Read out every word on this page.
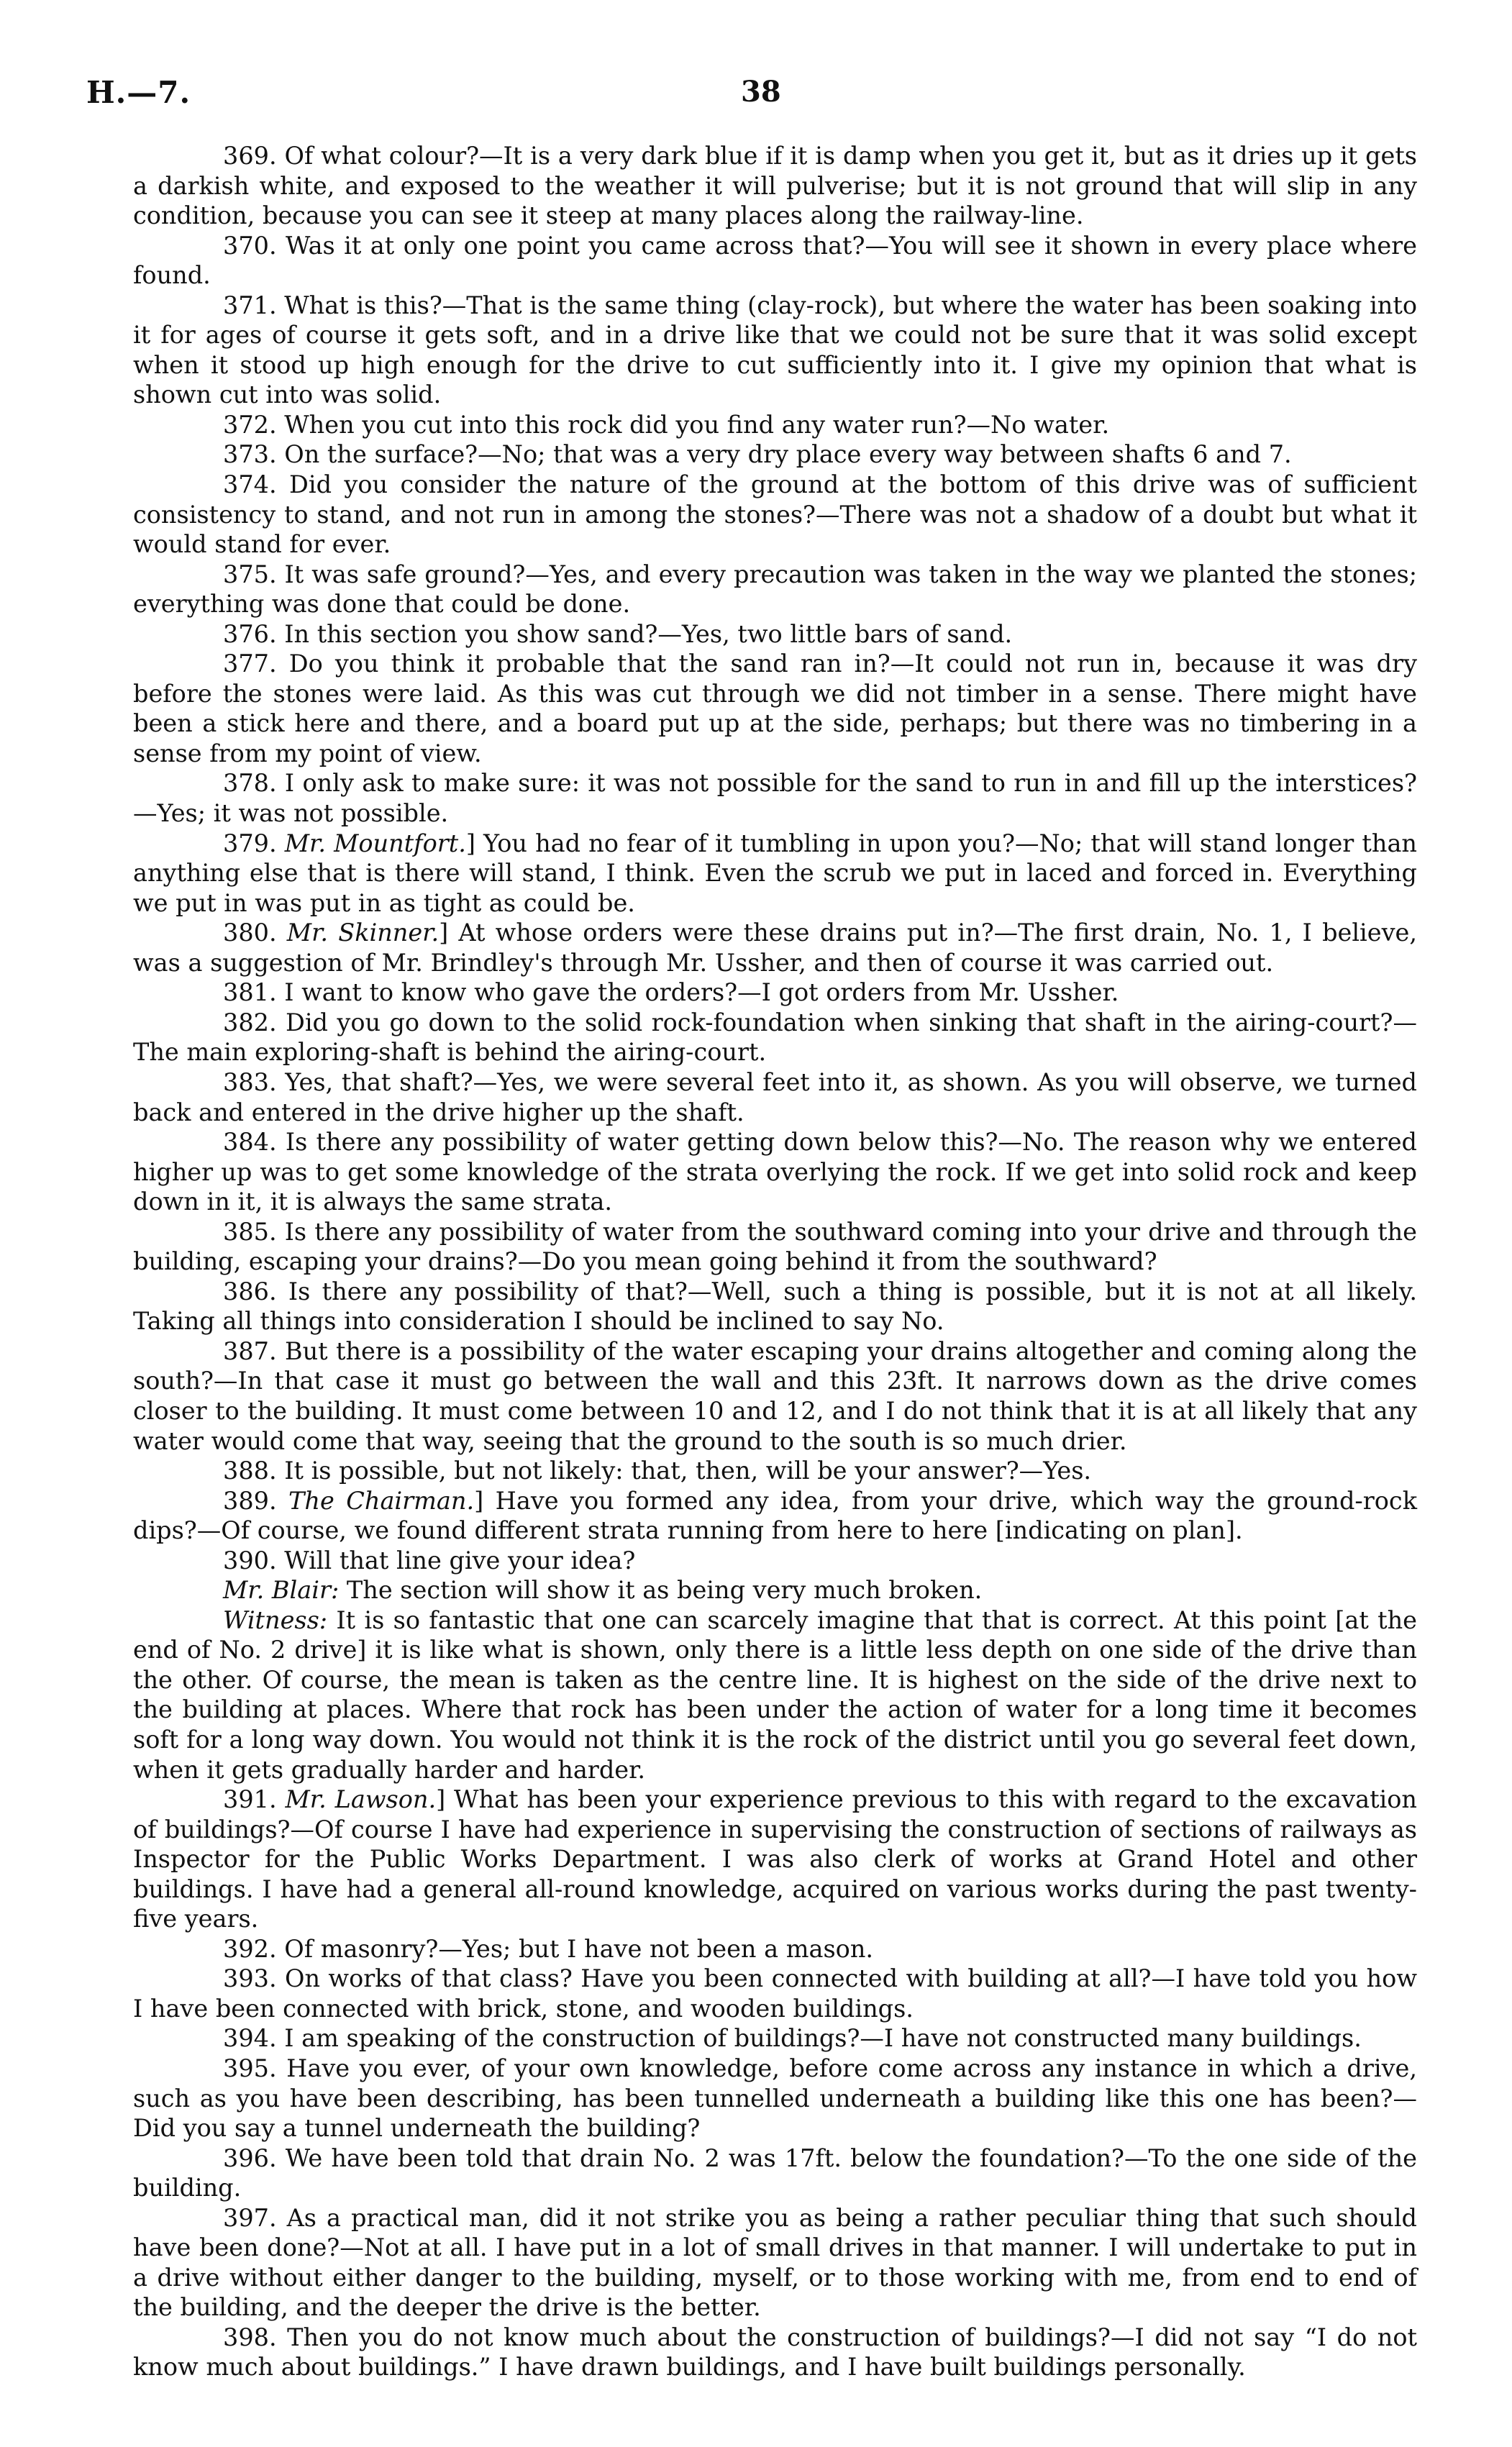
H.—7.	38

369. Of what colour?—It is a very dark blue if it is damp when you get it, but as it dries up it gets a darkish white, and exposed to the weather it will pulverise; but it is not ground that will slip in any condition, because you can see it steep at many places along the railway-line.

370. Was it at only one point you came across that?—You will see it shown in every place where found.

371. What is this?—That is the same thing (clay-rock), but where the water has been soaking into it for ages of course it gets soft, and in a drive like that we could not be sure that it was solid except when it stood up high enough for the drive to cut sufficiently into it. I give my opinion that what is shown cut into was solid.

372. When you cut into this rock did you find any water run?—No water.

373. On the surface?—No; that was a very dry place every way between shafts 6 and 7.

374. Did you consider the nature of the ground at the bottom of this drive was of sufficient consistency to stand, and not run in among the stones?—There was not a shadow of a doubt but what it would stand for ever.

375. It was safe ground?—Yes, and every precaution was taken in the way we planted the stones; everything was done that could be done.

376. In this section you show sand?—Yes, two little bars of sand.

377. Do you think it probable that the sand ran in?—It could not run in, because it was dry before the stones were laid. As this was cut through we did not timber in a sense. There might have been a stick here and there, and a board put up at the side, perhaps; but there was no timbering in a sense from my point of view.

378. I only ask to make sure: it was not possible for the sand to run in and fill up the interstices?—Yes; it was not possible.

379. Mr. Mountfort.] You had no fear of it tumbling in upon you?—No; that will stand longer than anything else that is there will stand, I think. Even the scrub we put in laced and forced in. Everything we put in was put in as tight as could be.

380. Mr. Skinner.] At whose orders were these drains put in?—The first drain, No. 1, I believe, was a suggestion of Mr. Brindley's through Mr. Ussher, and then of course it was carried out.

381. I want to know who gave the orders?—I got orders from Mr. Ussher.

382. Did you go down to the solid rock-foundation when sinking that shaft in the airing-court?—The main exploring-shaft is behind the airing-court.

383. Yes, that shaft?—Yes, we were several feet into it, as shown. As you will observe, we turned back and entered in the drive higher up the shaft.

384. Is there any possibility of water getting down below this?—No. The reason why we entered higher up was to get some knowledge of the strata overlying the rock. If we get into solid rock and keep down in it, it is always the same strata.

385. Is there any possibility of water from the southward coming into your drive and through the building, escaping your drains?—Do you mean going behind it from the southward?

386. Is there any possibility of that?—Well, such a thing is possible, but it is not at all likely. Taking all things into consideration I should be inclined to say No.

387. But there is a possibility of the water escaping your drains altogether and coming along the south?—In that case it must go between the wall and this 23ft. It narrows down as the drive comes closer to the building. It must come between 10 and 12, and I do not think that it is at all likely that any water would come that way, seeing that the ground to the south is so much drier.

388. It is possible, but not likely: that, then, will be your answer?—Yes.

389. The Chairman.] Have you formed any idea, from your drive, which way the ground-rock dips?—Of course, we found different strata running from here to here [indicating on plan].

390. Will that line give your idea?

Mr. Blair: The section will show it as being very much broken.

Witness: It is so fantastic that one can scarcely imagine that that is correct. At this point [at the end of No. 2 drive] it is like what is shown, only there is a little less depth on one side of the drive than the other. Of course, the mean is taken as the centre line. It is highest on the side of the drive next to the building at places. Where that rock has been under the action of water for a long time it becomes soft for a long way down. You would not think it is the rock of the district until you go several feet down, when it gets gradually harder and harder.

391. Mr. Lawson.] What has been your experience previous to this with regard to the excavation of buildings?—Of course I have had experience in supervising the construction of sections of railways as Inspector for the Public Works Department. I was also clerk of works at Grand Hotel and other buildings. I have had a general all-round knowledge, acquired on various works during the past twenty-five years.

392. Of masonry?—Yes; but I have not been a mason.

393. On works of that class? Have you been connected with building at all?—I have told you how I have been connected with brick, stone, and wooden buildings.

394. I am speaking of the construction of buildings?—I have not constructed many buildings.

395. Have you ever, of your own knowledge, before come across any instance in which a drive, such as you have been describing, has been tunnelled underneath a building like this one has been?—Did you say a tunnel underneath the building?

396. We have been told that drain No. 2 was 17ft. below the foundation?—To the one side of the building.

397. As a practical man, did it not strike you as being a rather peculiar thing that such should have been done?—Not at all. I have put in a lot of small drives in that manner. I will undertake to put in a drive without either danger to the building, myself, or to those working with me, from end to end of the building, and the deeper the drive is the better.

398. Then you do not know much about the construction of buildings?—I did not say “I do not know much about buildings.” I have drawn buildings, and I have built buildings personally.
